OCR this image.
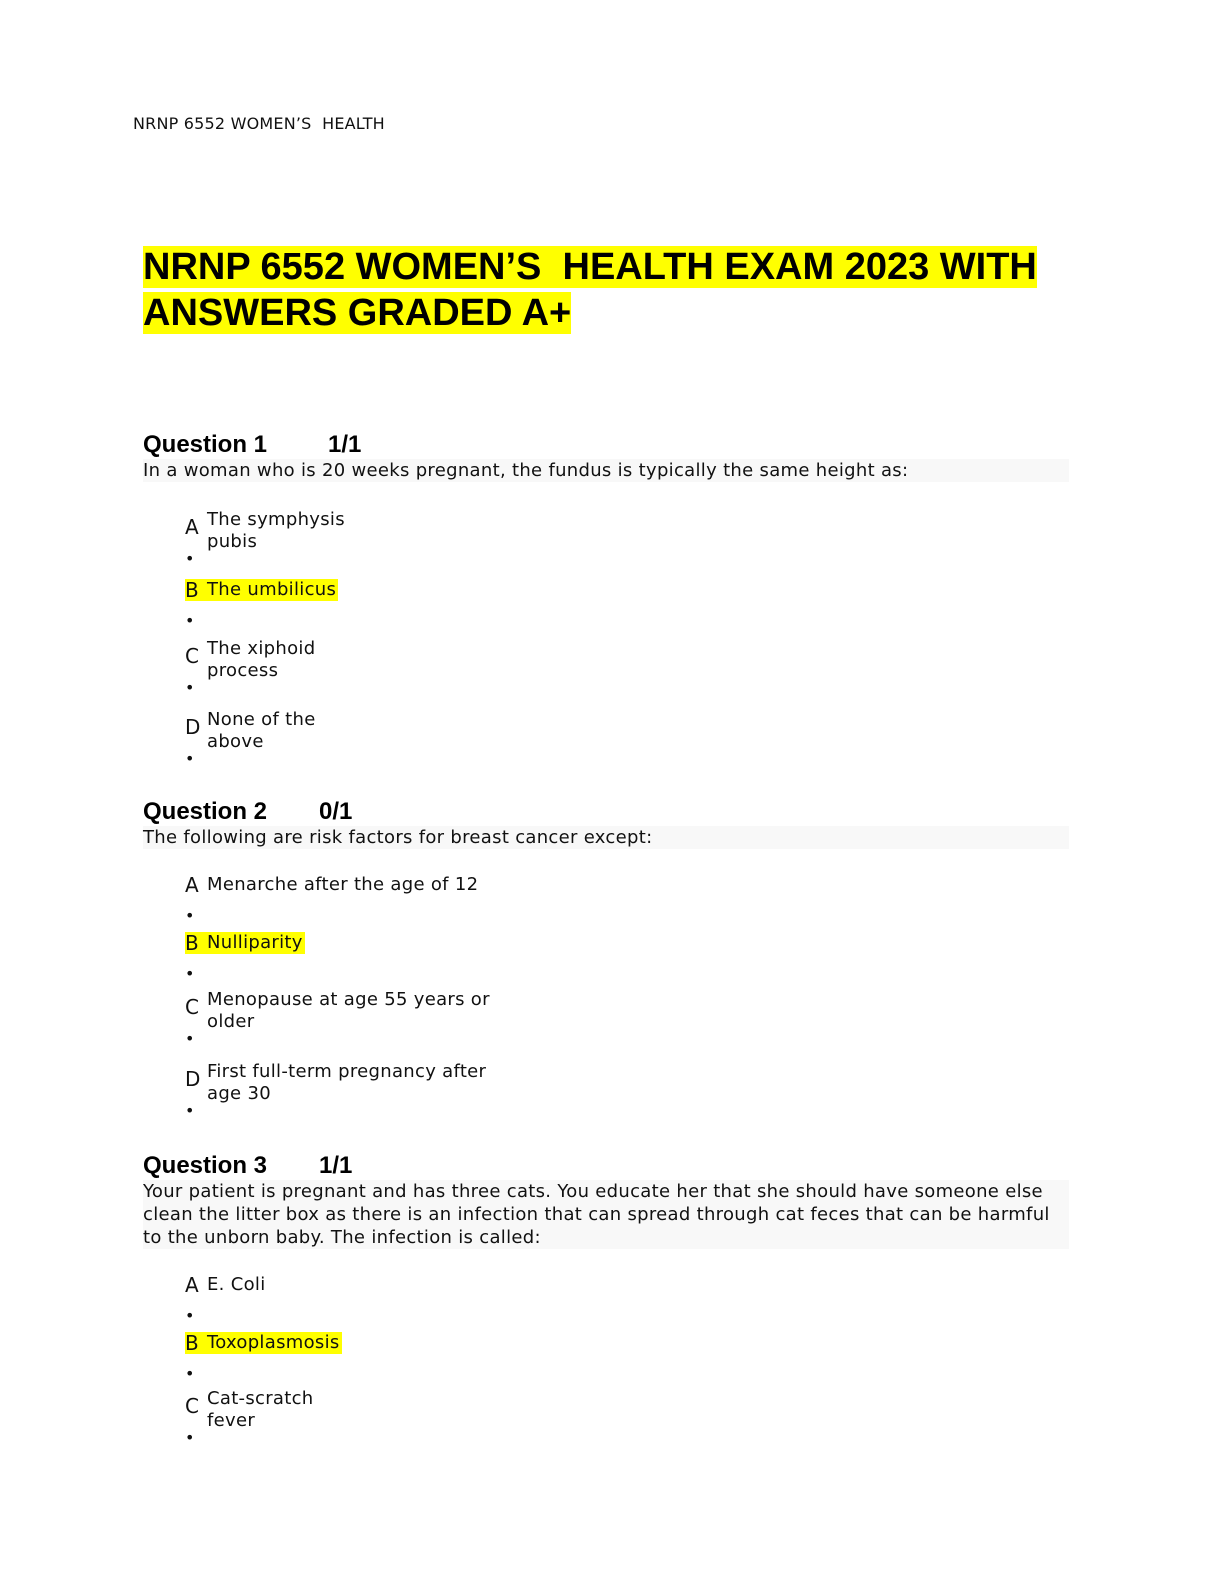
NRNP 6552 WOMEN’S  HEALTH
NRNP 6552 WOMEN’S  HEALTH EXAM 2023 WITH
ANSWERS GRADED A+
Question 1	1/1
In a woman who is 20 weeks pregnant, the fundus is typically the same height as:
A The symphysis pubis
•
B The umbilicus
•
C The xiphoid process
•
D None of the above
•
Question 2	0/1
The following are risk factors for breast cancer except:
A Menarche after the age of 12
•
B Nulliparity
•
C Menopause at age 55 years or older
•
D First full-term pregnancy after age 30
•
Question 3	1/1
Your patient is pregnant and has three cats. You educate her that she should have someone else clean the litter box as there is an infection that can spread through cat feces that can be harmful to the unborn baby. The infection is called:
A E. Coli
•
B Toxoplasmosis
•
C Cat-scratch fever
•
